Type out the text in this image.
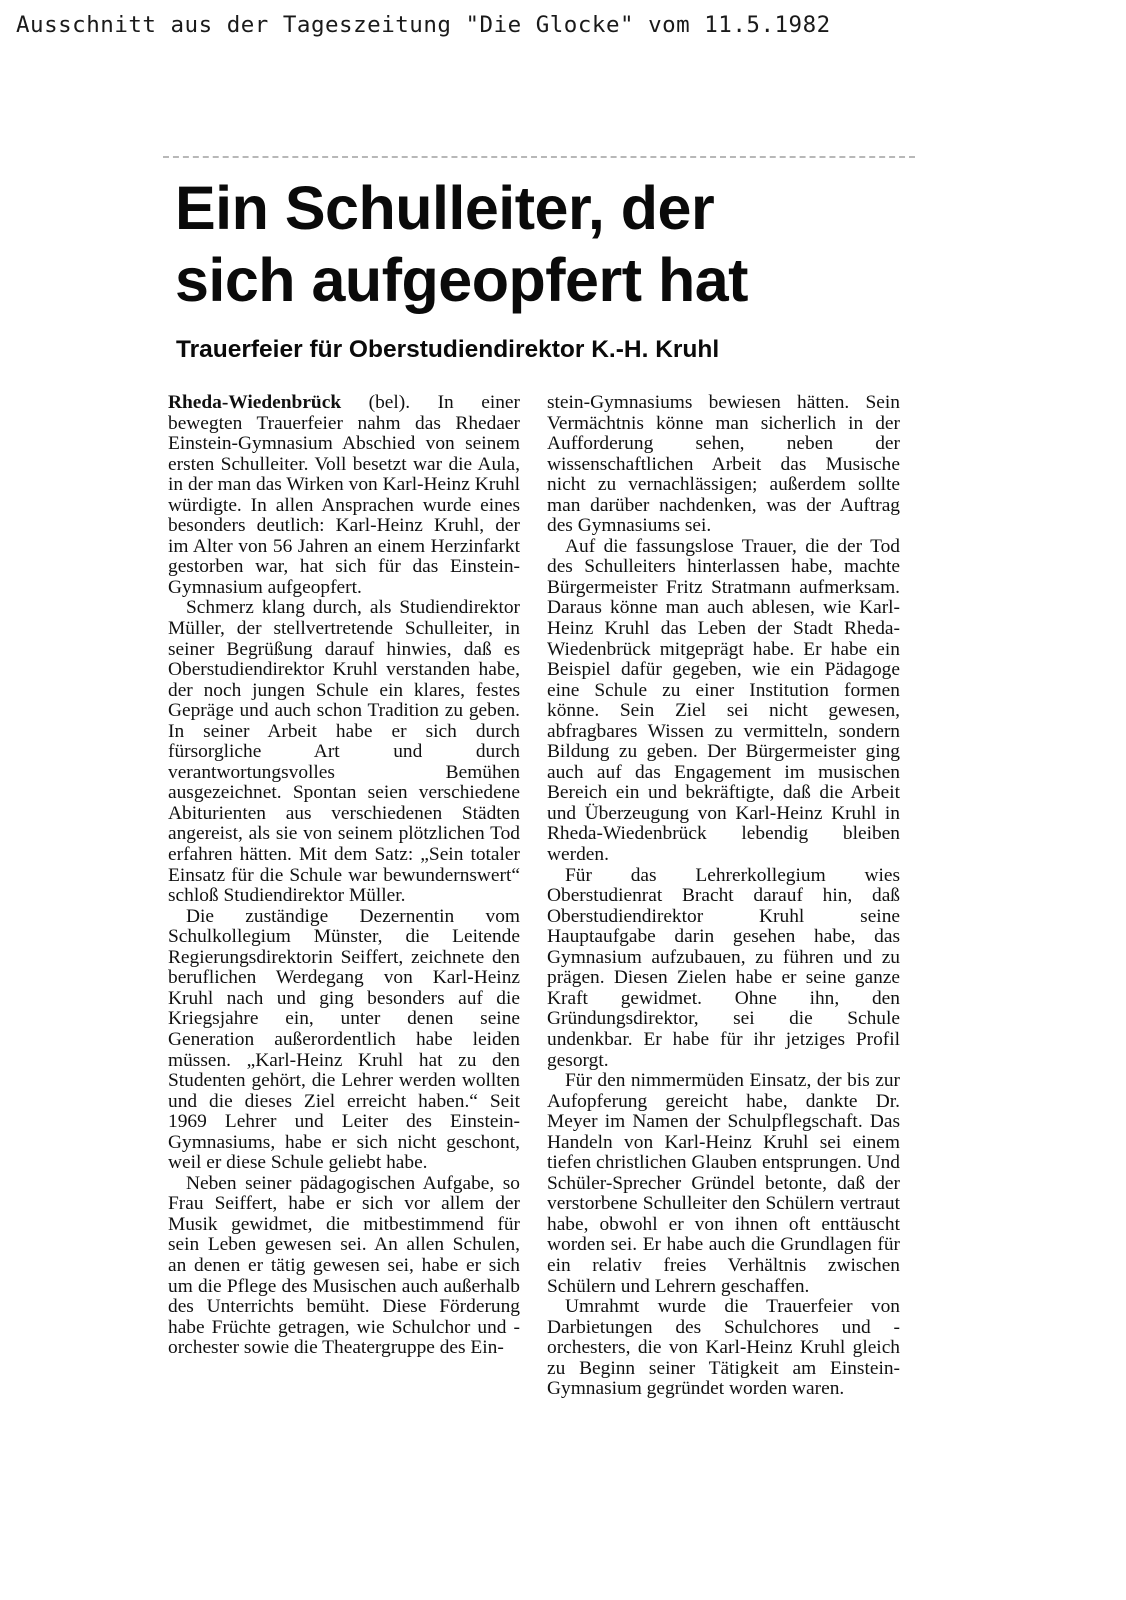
Ausschnitt aus der Tageszeitung "Die Glocke" vom 11.5.1982
Ein Schulleiter, der
sich aufgeopfert hat
Trauerfeier für Oberstudiendirektor K.-H. Kruhl

Rheda-Wiedenbrück (bel). In einer bewegten Trauerfeier nahm das Rhedaer Einstein-Gymnasium Abschied von seinem ersten Schulleiter. Voll besetzt war die Aula, in der man das Wirken von Karl-Heinz Kruhl würdigte. In allen Ansprachen wurde eines besonders deutlich: Karl-Heinz Kruhl, der im Alter von 56 Jahren an einem Herzinfarkt gestorben war, hat sich für das Einstein-Gymnasium aufgeopfert.

Schmerz klang durch, als Studiendirektor Müller, der stellvertretende Schulleiter, in seiner Begrüßung darauf hinwies, daß es Oberstudiendirektor Kruhl verstanden habe, der noch jungen Schule ein klares, festes Gepräge und auch schon Tradition zu geben. In seiner Arbeit habe er sich durch fürsorgliche Art und durch verantwortungsvolles Bemühen ausgezeichnet. Spontan seien verschiedene Abiturienten aus verschiedenen Städten angereist, als sie von seinem plötzlichen Tod erfahren hätten. Mit dem Satz: „Sein totaler Einsatz für die Schule war bewundernswert“ schloß Studiendirektor Müller.

Die zuständige Dezernentin vom Schulkollegium Münster, die Leitende Regierungsdirektorin Seiffert, zeichnete den beruflichen Werdegang von Karl-Heinz Kruhl nach und ging besonders auf die Kriegsjahre ein, unter denen seine Generation außerordentlich habe leiden müssen. „Karl-Heinz Kruhl hat zu den Studenten gehört, die Lehrer werden wollten und die dieses Ziel erreicht haben.“ Seit 1969 Lehrer und Leiter des Einstein-Gymnasiums, habe er sich nicht geschont, weil er diese Schule geliebt habe.

Neben seiner pädagogischen Aufgabe, so Frau Seiffert, habe er sich vor allem der Musik gewidmet, die mitbestimmend für sein Leben gewesen sei. An allen Schulen, an denen er tätig gewesen sei, habe er sich um die Pflege des Musischen auch außerhalb des Unterrichts bemüht. Diese Förderung habe Früchte getragen, wie Schulchor und -orchester sowie die Theatergruppe des Ein-

stein-Gymnasiums bewiesen hätten. Sein Vermächtnis könne man sicherlich in der Aufforderung sehen, neben der wissenschaftlichen Arbeit das Musische nicht zu vernachlässigen; außerdem sollte man darüber nachdenken, was der Auftrag des Gymnasiums sei.

Auf die fassungslose Trauer, die der Tod des Schulleiters hinterlassen habe, machte Bürgermeister Fritz Stratmann aufmerksam. Daraus könne man auch ablesen, wie Karl-Heinz Kruhl das Leben der Stadt Rheda-Wiedenbrück mitgeprägt habe. Er habe ein Beispiel dafür gegeben, wie ein Pädagoge eine Schule zu einer Institution formen könne. Sein Ziel sei nicht gewesen, abfragbares Wissen zu vermitteln, sondern Bildung zu geben. Der Bürgermeister ging auch auf das Engagement im musischen Bereich ein und bekräftigte, daß die Arbeit und Überzeugung von Karl-Heinz Kruhl in Rheda-Wiedenbrück lebendig bleiben werden.

Für das Lehrerkollegium wies Oberstudienrat Bracht darauf hin, daß Oberstudiendirektor Kruhl seine Hauptaufgabe darin gesehen habe, das Gymnasium aufzubauen, zu führen und zu prägen. Diesen Zielen habe er seine ganze Kraft gewidmet. Ohne ihn, den Gründungsdirektor, sei die Schule undenkbar. Er habe für ihr jetziges Profil gesorgt.

Für den nimmermüden Einsatz, der bis zur Aufopferung gereicht habe, dankte Dr. Meyer im Namen der Schulpflegschaft. Das Handeln von Karl-Heinz Kruhl sei einem tiefen christlichen Glauben entsprungen. Und Schüler-Sprecher Gründel betonte, daß der verstorbene Schulleiter den Schülern vertraut habe, obwohl er von ihnen oft enttäuscht worden sei. Er habe auch die Grundlagen für ein relativ freies Verhältnis zwischen Schülern und Lehrern geschaffen.

Umrahmt wurde die Trauerfeier von Darbietungen des Schulchores und -orchesters, die von Karl-Heinz Kruhl gleich zu Beginn seiner Tätigkeit am Einstein-Gymnasium gegründet worden waren.
